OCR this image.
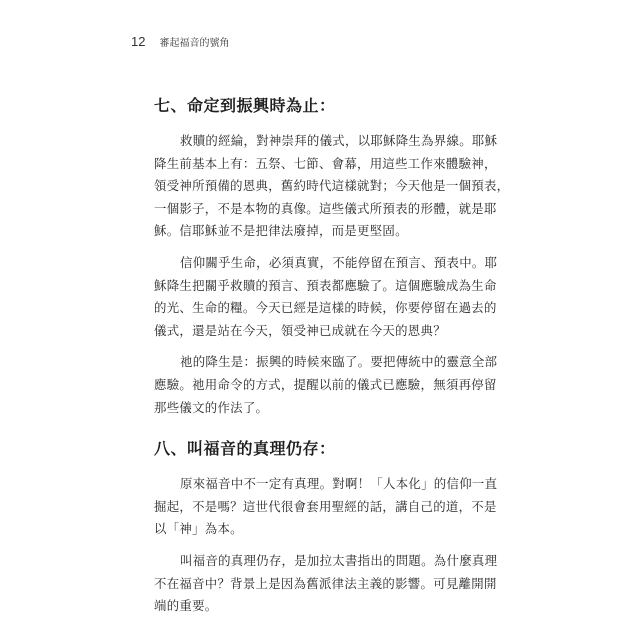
12 審起福音的號角
七、命定到振興時為止：

救贖的經綸，對神崇拜的儀式，以耶穌降生為界線。耶穌
降生前基本上有：五祭、七節、會幕，用這些工作來體驗神，
領受神所預備的恩典，舊約時代這樣就對；今天他是一個預表，
一個影子，不是本物的真像。這些儀式所預表的形體，就是耶
穌。信耶穌並不是把律法廢掉，而是更堅固。

信仰關乎生命，必須真實，不能停留在預言、預表中。耶
穌降生把關乎救贖的預言、預表都應驗了。這個應驗成為生命
的光、生命的糧。今天已經是這樣的時候，你要停留在過去的
儀式，還是站在今天，領受神已成就在今天的恩典？

祂的降生是：振興的時候來臨了。要把傳統中的靈意全部
應驗。祂用命令的方式，提醒以前的儀式已應驗，無須再停留
那些儀文的作法了。

八、叫福音的真理仍存：

原來福音中不一定有真理。對啊！「人本化」的信仰一直
掘起，不是嗎？這世代很會套用聖經的話，講自己的道，不是
以「神」為本。

叫福音的真理仍存，是加拉太書指出的問題。為什麼真理
不在福音中？背景上是因為舊派律法主義的影響。可見離開開
端的重要。
